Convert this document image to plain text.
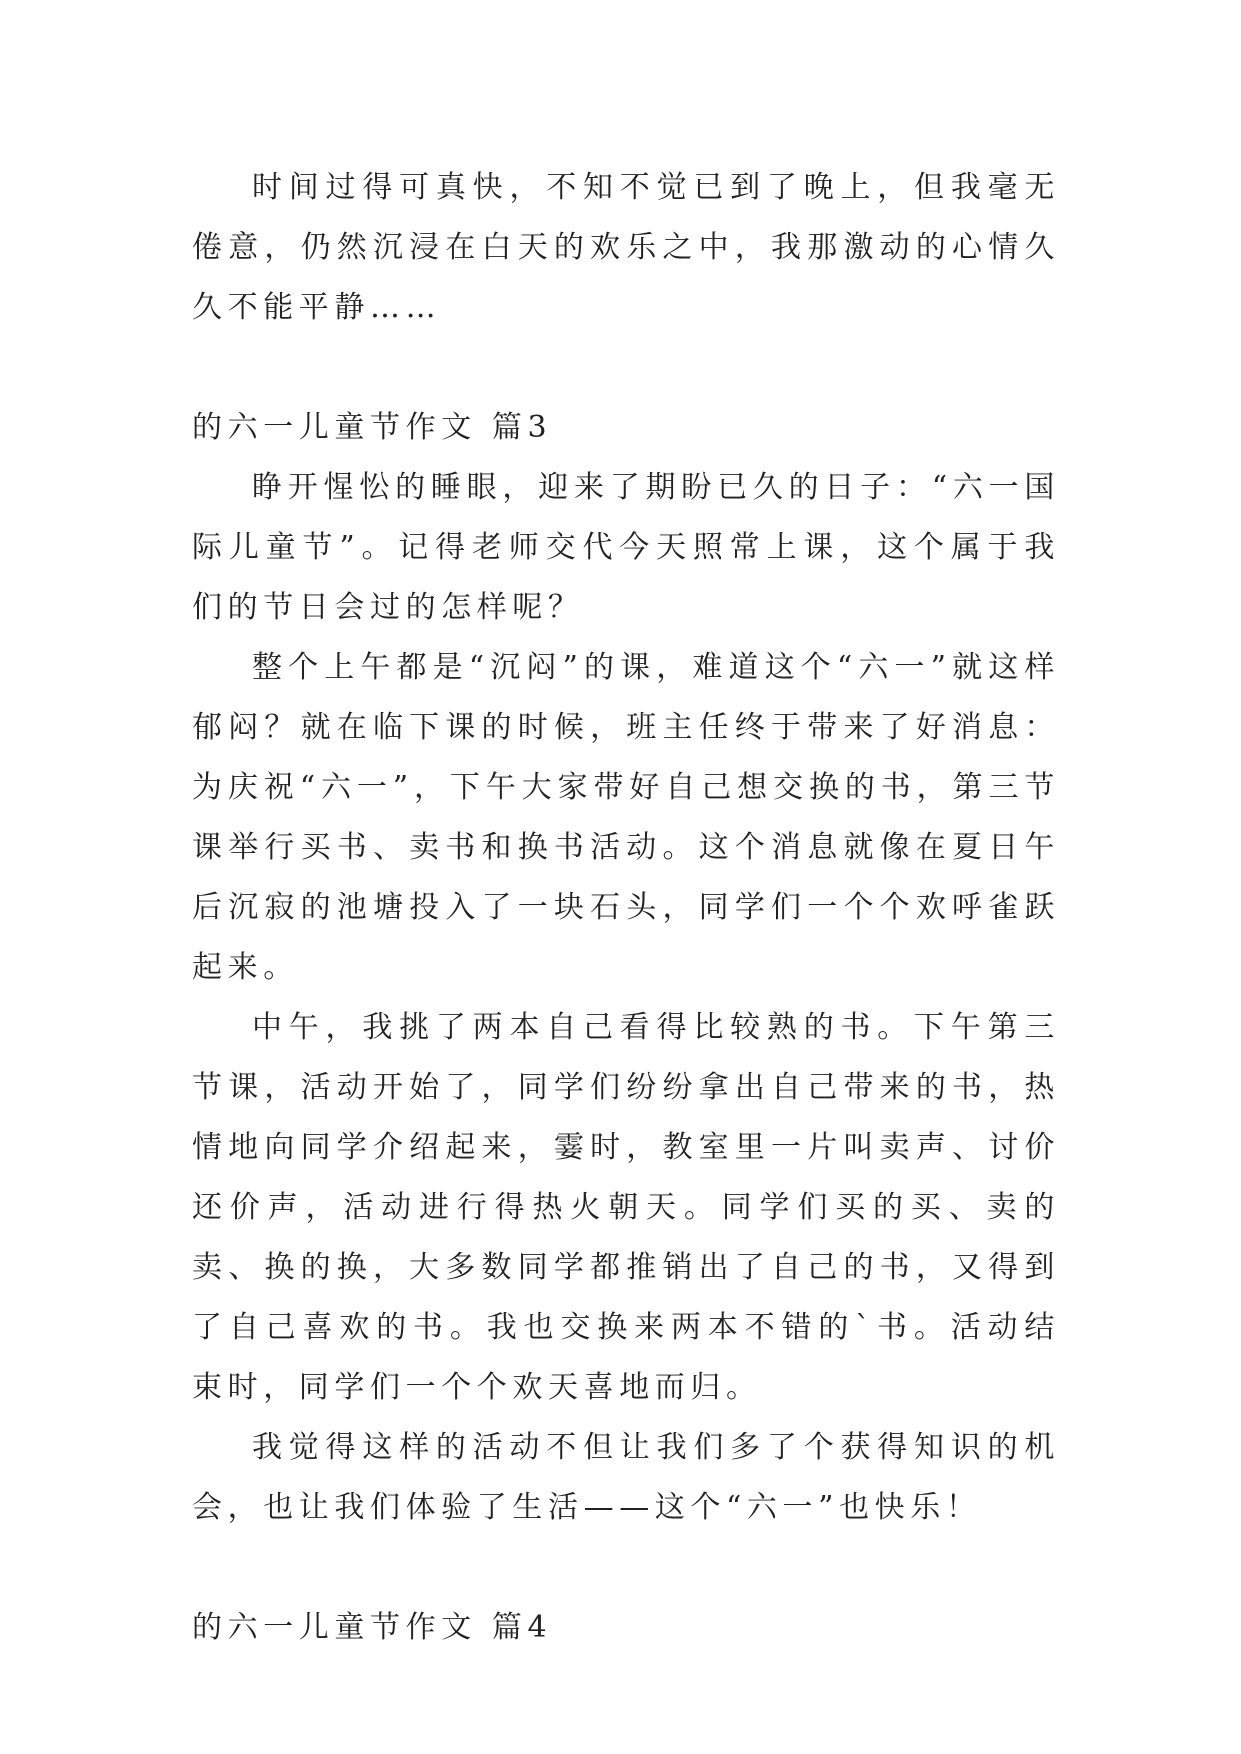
时间过得可真快，不知不觉已到了晚上，但我毫无倦意，仍然沉浸在白天的欢乐之中，我那激动的心情久久不能平静……

的六一儿童节作文 篇3

睁开惺忪的睡眼，迎来了期盼已久的日子：“六一国际儿童节”。记得老师交代今天照常上课，这个属于我们的节日会过的怎样呢？

整个上午都是“沉闷”的课，难道这个“六一”就这样郁闷？就在临下课的时候，班主任终于带来了好消息：为庆祝“六一”，下午大家带好自己想交换的书，第三节课举行买书、卖书和换书活动。这个消息就像在夏日午后沉寂的池塘投入了一块石头，同学们一个个欢呼雀跃起来。

中午，我挑了两本自己看得比较熟的书。下午第三节课，活动开始了，同学们纷纷拿出自己带来的书，热情地向同学介绍起来，霎时，教室里一片叫卖声、讨价还价声，活动进行得热火朝天。同学们买的买、卖的卖、换的换，大多数同学都推销出了自己的书，又得到了自己喜欢的书。我也交换来两本不错的`书。活动结束时，同学们一个个欢天喜地而归。

我觉得这样的活动不但让我们多了个获得知识的机会，也让我们体验了生活——这个“六一”也快乐！

的六一儿童节作文 篇4
